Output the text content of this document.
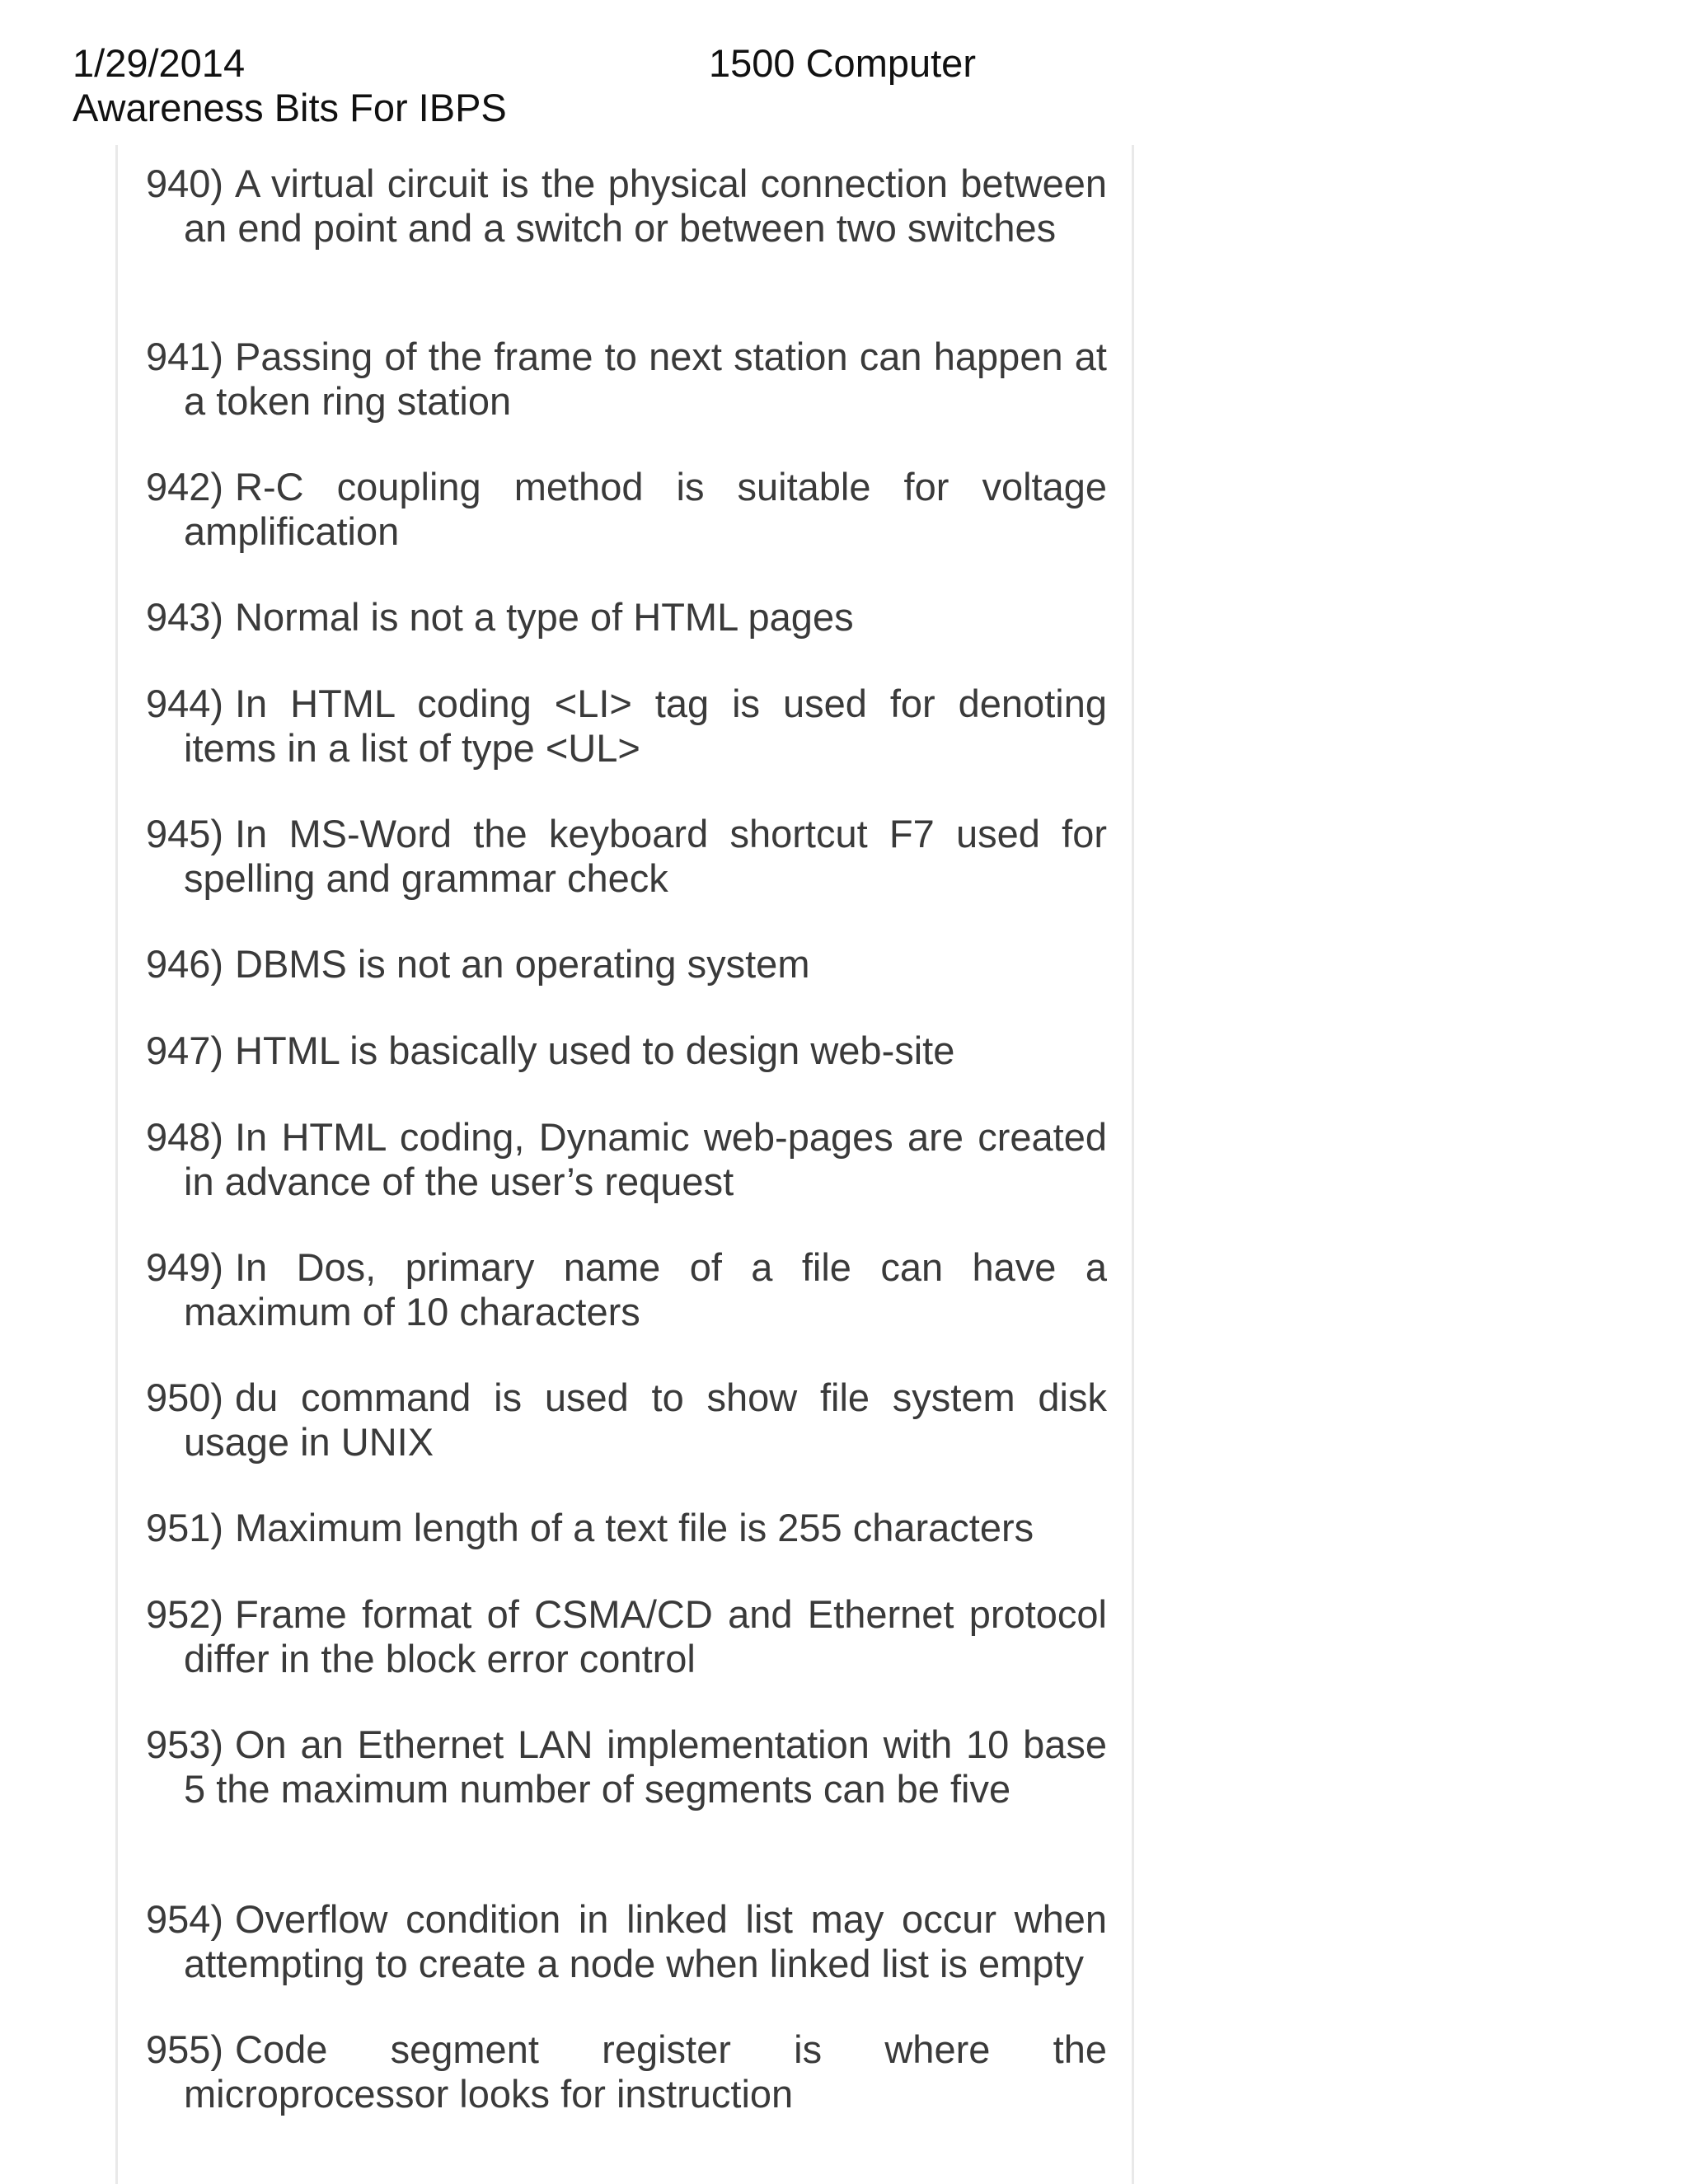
1/29/2014	1500 Computer
Awareness Bits For IBPS
940) A virtual circuit is the physical connection between an end point and a switch or between two switches
941) Passing of the frame to next station can happen at a token ring station
942) R-C coupling method is suitable for voltage amplification
943) Normal is not a type of HTML pages
944) In HTML coding <LI> tag is used for denoting items in a list of type <UL>
945) In MS-Word the keyboard shortcut F7 used for spelling and grammar check
946) DBMS is not an operating system
947) HTML is basically used to design web-site
948) In HTML coding, Dynamic web-pages are created in advance of the user’s request
949) In Dos, primary name of a file can have a maximum of 10 characters
950) du command is used to show file system disk usage in UNIX
951) Maximum length of a text file is 255 characters
952) Frame format of CSMA/CD and Ethernet protocol differ in the block error control
953) On an Ethernet LAN implementation with 10 base 5 the maximum number of segments can be five
954) Overflow condition in linked list may occur when attempting to create a node when linked list is empty
955) Code segment register is where the microprocessor looks for instruction
